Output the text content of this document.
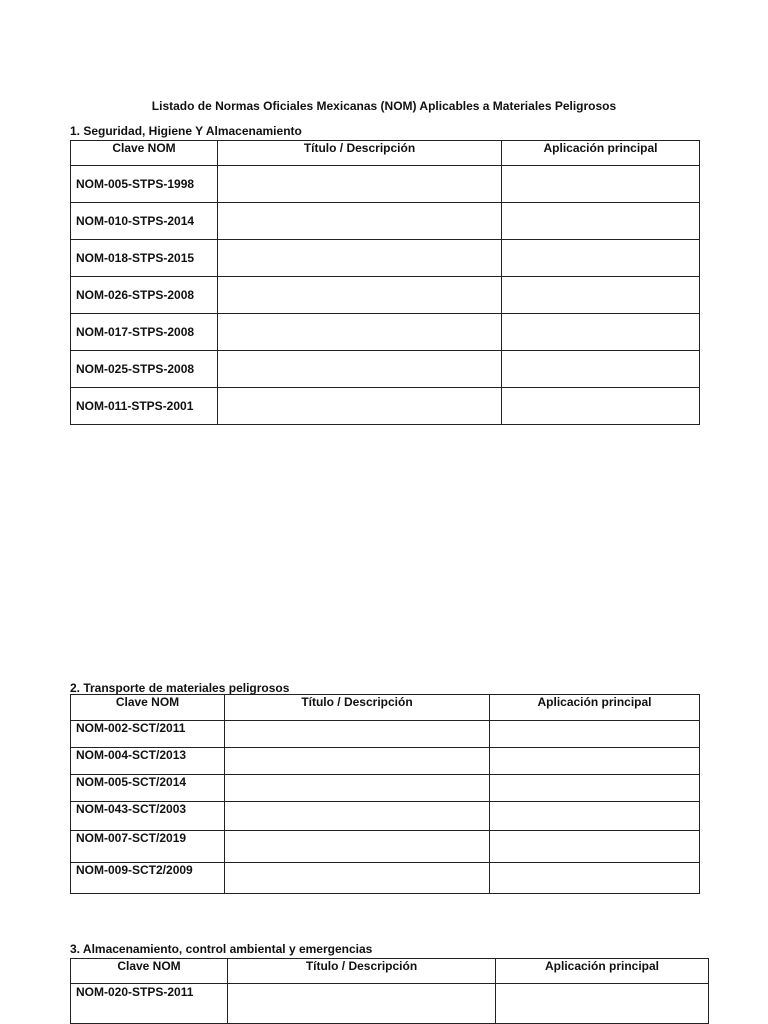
Listado de Normas Oficiales Mexicanas (NOM) Aplicables a Materiales Peligrosos
1. Seguridad, Higiene Y Almacenamiento
Clave NOM	Título / Descripción	Aplicación principal
NOM-005-STPS-1998		
NOM-010-STPS-2014		
NOM-018-STPS-2015		
NOM-026-STPS-2008		
NOM-017-STPS-2008		
NOM-025-STPS-2008		
NOM-011-STPS-2001		
2. Transporte de materiales peligrosos
Clave NOM	Título / Descripción	Aplicación principal
NOM-002-SCT/2011		
NOM-004-SCT/2013		
NOM-005-SCT/2014		
NOM-043-SCT/2003		
NOM-007-SCT/2019		
NOM-009-SCT2/2009		
3. Almacenamiento, control ambiental y emergencias
Clave NOM	Título / Descripción	Aplicación principal
NOM-020-STPS-2011		
